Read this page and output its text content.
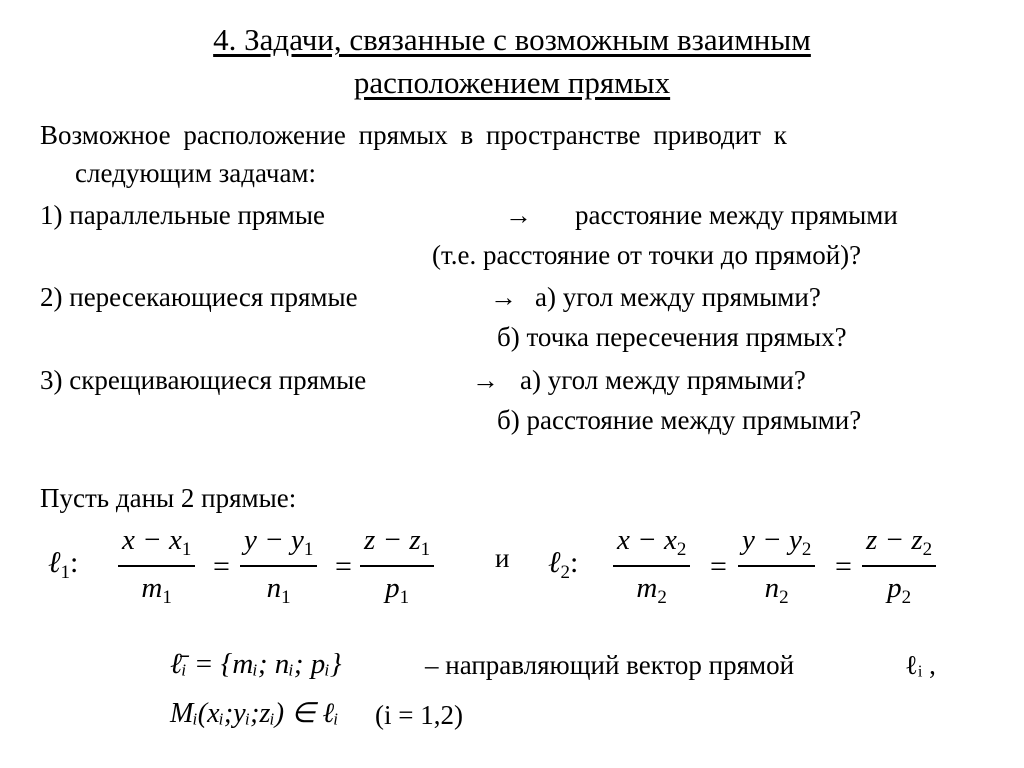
4. Задачи, связанные с возможным взаимным
расположением прямых
Возможное расположение прямых в пространстве приводит к
следующим задачам:
1) параллельные прямые	→ расстояние между прямыми
(т.е. расстояние от точки до прямой)?
2) пересекающиеся прямые	→ а) угол между прямыми?
б) точка пересечения прямых?
3) скрещивающиеся прямые	→ а) угол между прямыми?
б) расстояние между прямыми?
Пусть даны 2 прямые:
ℓ$_1$:
$x - x_1$
$m_1$
$y - y_1$
$n_1$
$z - z_1$
$p_1$
=	=	и ℓ$_2$:
$x - x_2$
$m_2$
$y - y_2$
$n_2$
$z - z_2$
$p_2$
=	=
ℓ̄ᵢ = {mᵢ; nᵢ; pᵢ}	– направляющий вектор прямой	ℓᵢ ,
Mᵢ(xᵢ;yᵢ;zᵢ) ∈ ℓᵢ (i = 1,2)
